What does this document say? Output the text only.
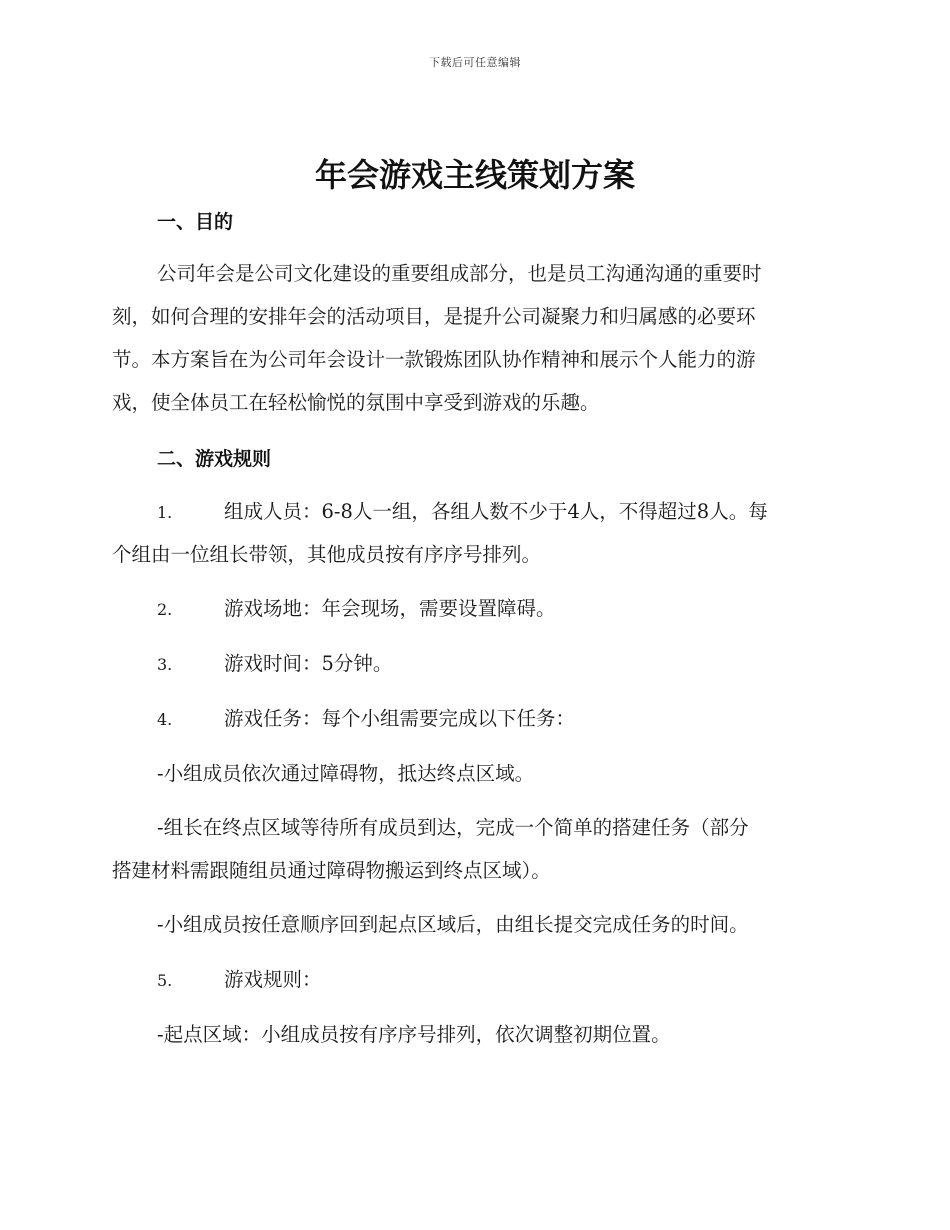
下载后可任意编辑
年会游戏主线策划方案
一、目的
公司年会是公司文化建设的重要组成部分，也是员工沟通沟通的重要时
刻，如何合理的安排年会的活动项目，是提升公司凝聚力和归属感的必要环
节。本方案旨在为公司年会设计一款锻炼团队协作精神和展示个人能力的游
戏，使全体员工在轻松愉悦的氛围中享受到游戏的乐趣。
二、游戏规则
1.	组成人员：6-8人一组，各组人数不少于4人，不得超过8人。每
个组由一位组长带领，其他成员按有序序号排列。
2.	游戏场地：年会现场，需要设置障碍。
3.	游戏时间：5分钟。
4.	游戏任务：每个小组需要完成以下任务：
-小组成员依次通过障碍物，抵达终点区域。
-组长在终点区域等待所有成员到达，完成一个简单的搭建任务（部分
搭建材料需跟随组员通过障碍物搬运到终点区域）。
-小组成员按任意顺序回到起点区域后，由组长提交完成任务的时间。
5.	游戏规则：
-起点区域：小组成员按有序序号排列，依次调整初期位置。
